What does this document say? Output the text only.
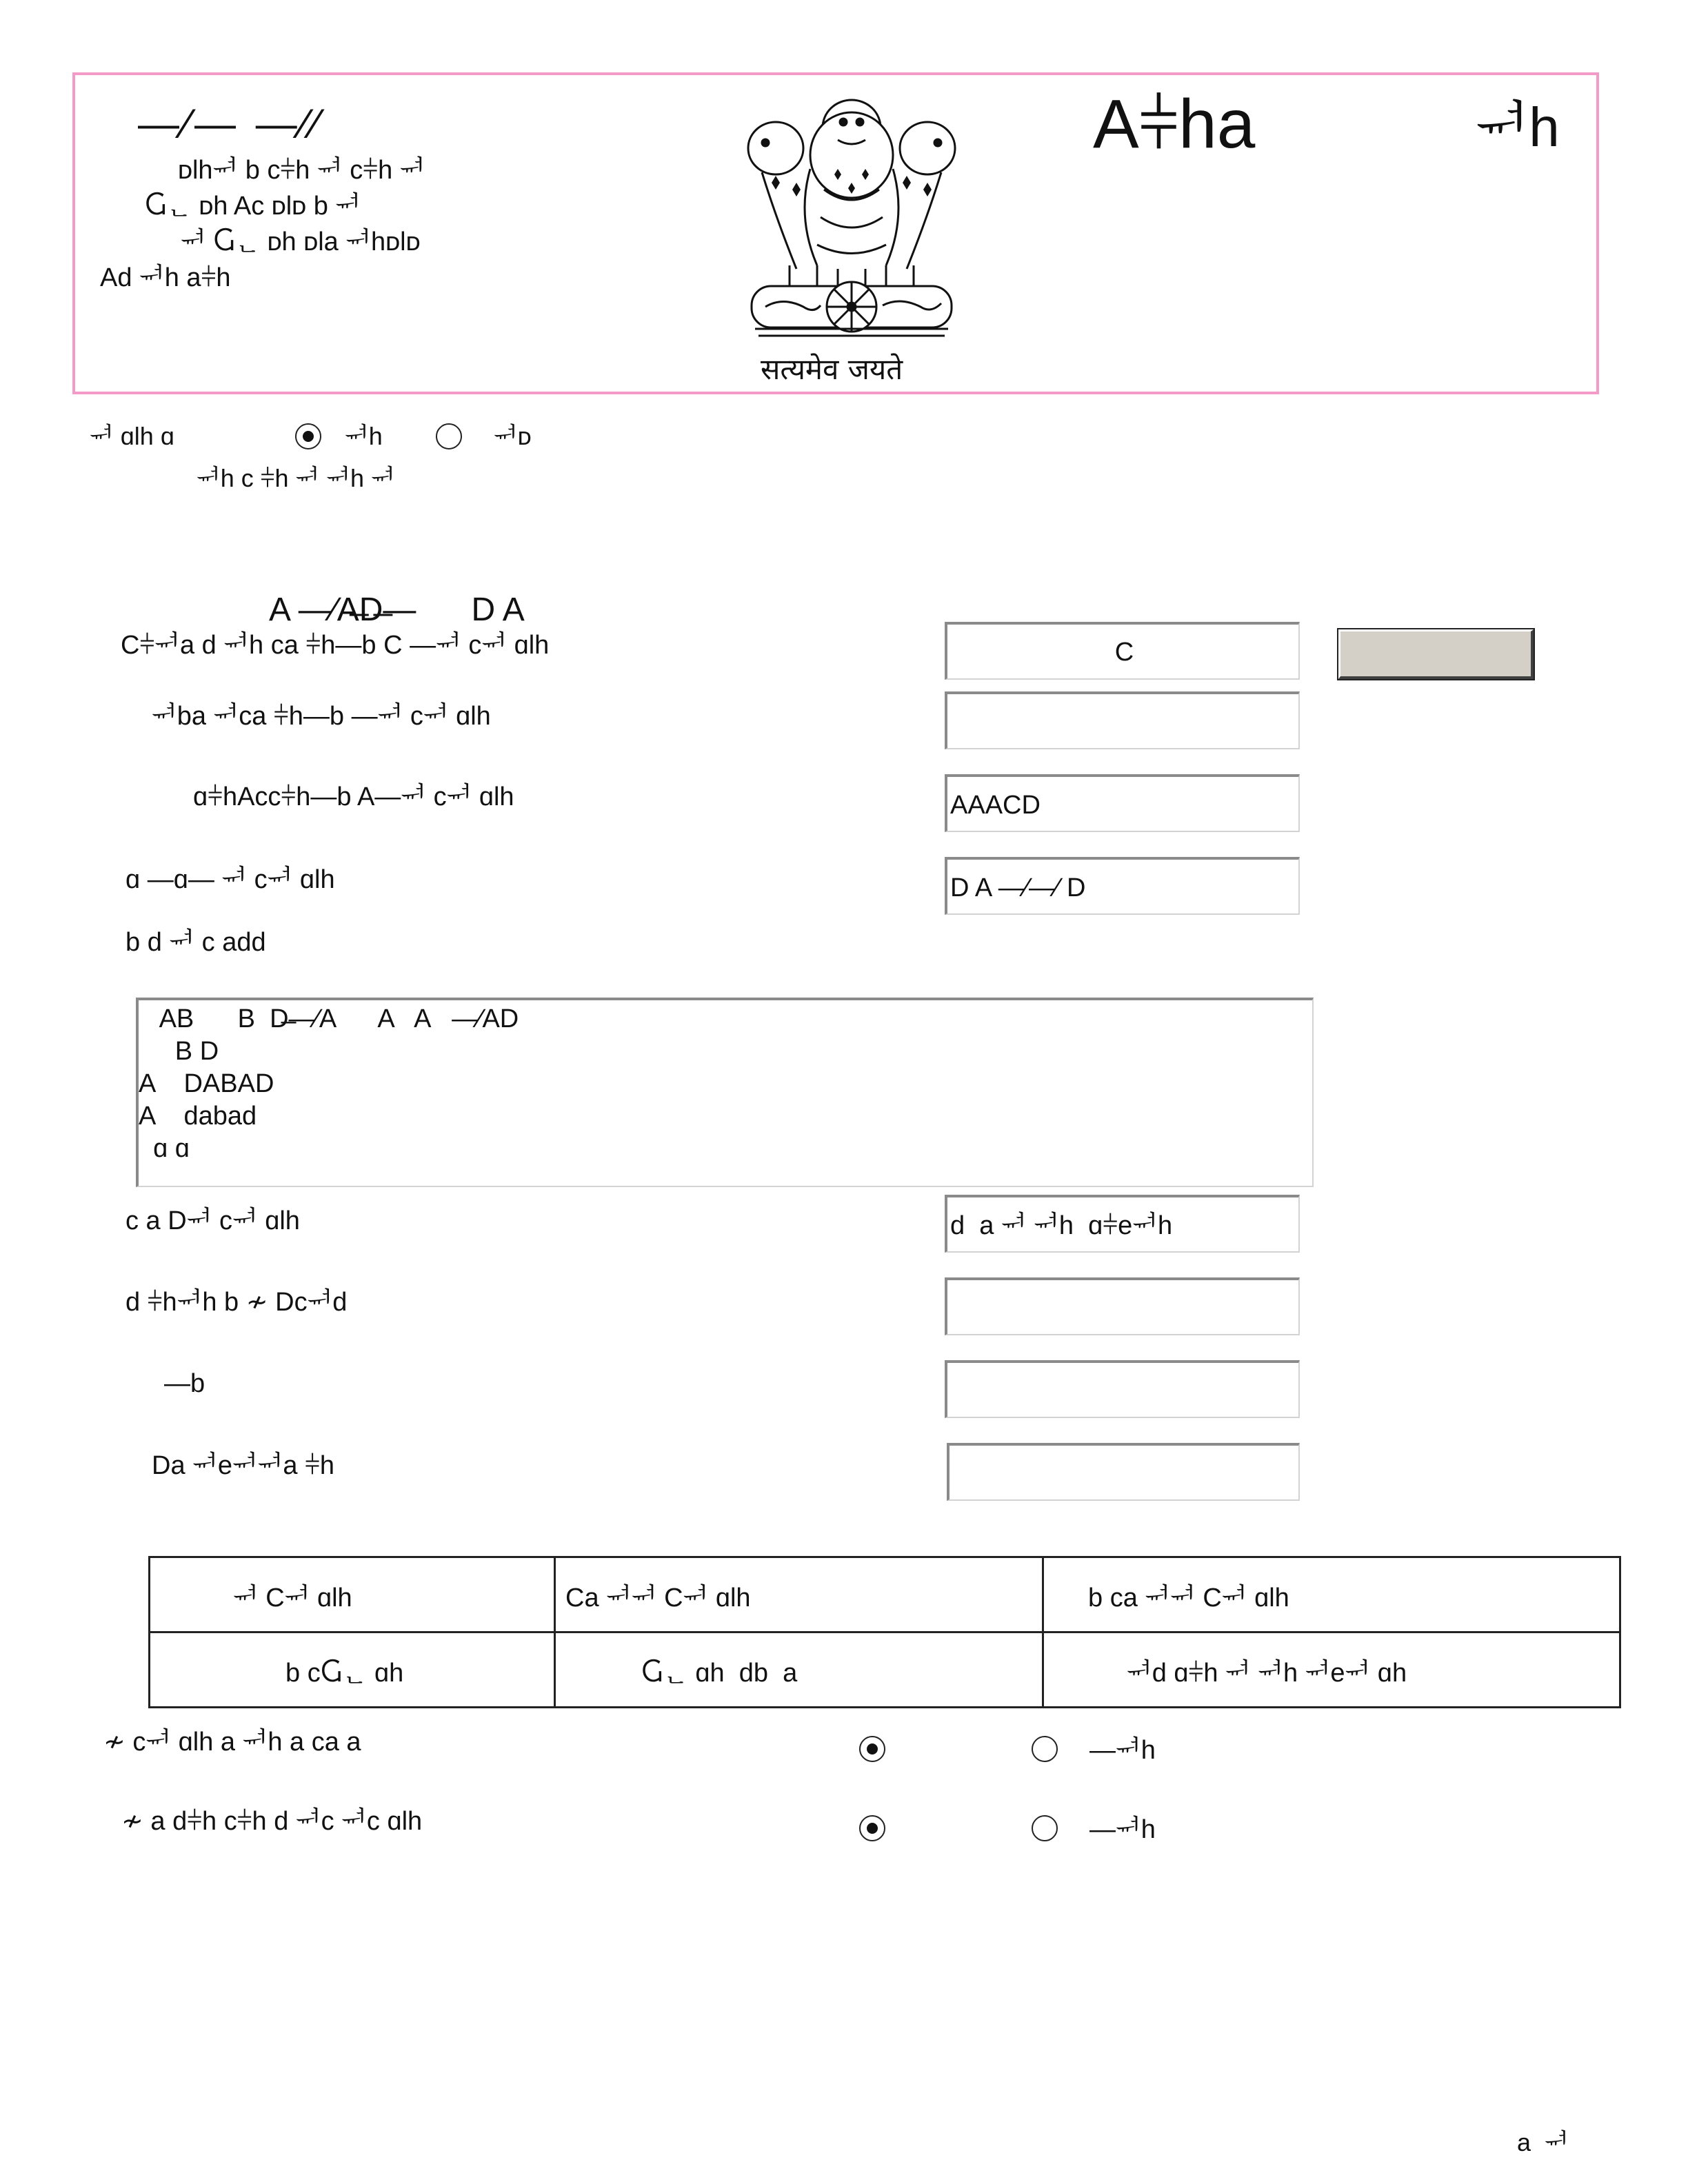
—⁄— —⁄⁄
ᴅlhᆏ b c⫩h ᆏ c⫩h ᆏ
Ⴚᆫ ᴅh Ac ᴅlᴅ b ᆏ
ᆏ Ⴚᆫ ᴅh ᴅla ᆏhᴅlᴅ
Ad ᆏh a⫩h
सत्यमेव जयते
A⫩ha	ᆏh
ᆏ ɑlh ɑ	ᆏh	ᆏᴅ
ᆏh c ⫩h ᆏ ᆏh ᆏ

A —⁄A̶D̶— D A

C⫩ᆏa d ᆏh ca ⫩h—b C —ᆏ cᆏ ɑlh	C
ᆏba ᆏca ⫩h—b —ᆏ cᆏ ɑlh
ɑ⫩hAcc⫩h—b A—ᆏ cᆏ ɑlh	AAACD
ɑ —ɑ— ᆏ cᆏ ɑlh	D A —⁄—⁄ D
b d ᆏ c add
AB      B  D̶—⁄A      A   A   —⁄AD
B D
A    DABAD
A    dabad
ɑ ɑ
c a Dᆏ cᆏ ɑlh	d  a ᆏ ᆏh  ɑ⫩eᆏh
d ⫩hᆏh b ≁ Dcᆏd
—b
Da ᆏeᆏᆏa ⫩h
ᆏ Cᆏ ɑlh	Ca ᆏᆏ Cᆏ ɑlh	b ca ᆏᆏ Cᆏ ɑlh
b cႺᆫ ɑh	Ⴚᆫ ɑh  db  a	ᆏd ɑ⫩h ᆏ ᆏh ᆏeᆏ ɑh
≁ cᆏ ɑlh a ᆏh a ca a	—ᆏh
≁ a d⫩h c⫩h d ᆏc ᆏc ɑlh	—ᆏh
a  ᆏ
